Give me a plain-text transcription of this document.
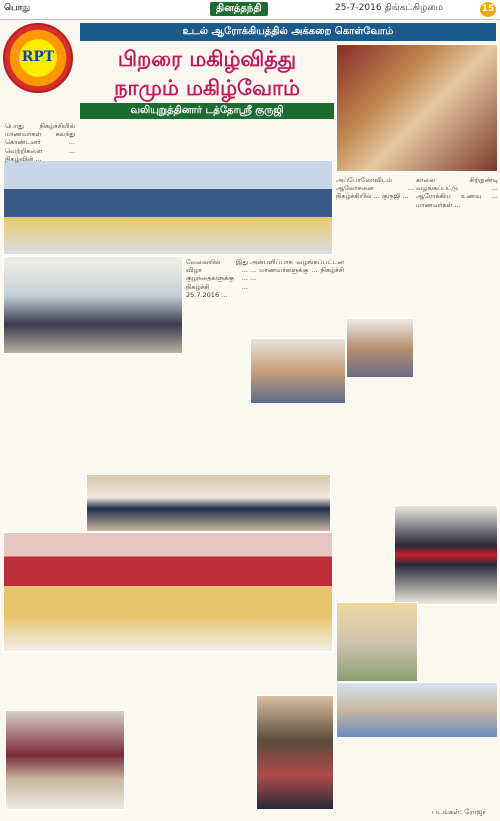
பொது	தினத்தந்தி	25-7-2016 திங்கட்கிழமை	15
RPT
உடல் ஆரோக்கியத்தில் அக்கறை கொள்வோம்
பிறரை மகிழ்வித்து
நாமும் மகிழ்வோம்
வலியுறுத்தினார் டத்தோஸ்ரீ குருஜி
பொது நிகழ்ச்சியில் மாணவர்கள் கலந்து கொண்டனர் ... வெற்றிகளை ... நிகழ்வின் ...
வேலையில் இது விழா ... குழந்தைகளுக்கு ... நிகழ்ச்சி ... 25.7.2016 ...
அன்பளிப்பாக வழங்கப்பட்டன ... மாணவர்களுக்கு ... நிகழ்ச்சி ...
அப்போலோவிடம் ஆலோசனை ... நிகழ்ச்சியில் ... குருஜி ...
காலை சிற்றுண்டி வழங்கப்பட்டு ... ஆரோக்கிய உணவு ... மாணவர்கள் ...
படங்கள்: ரோஜர்
